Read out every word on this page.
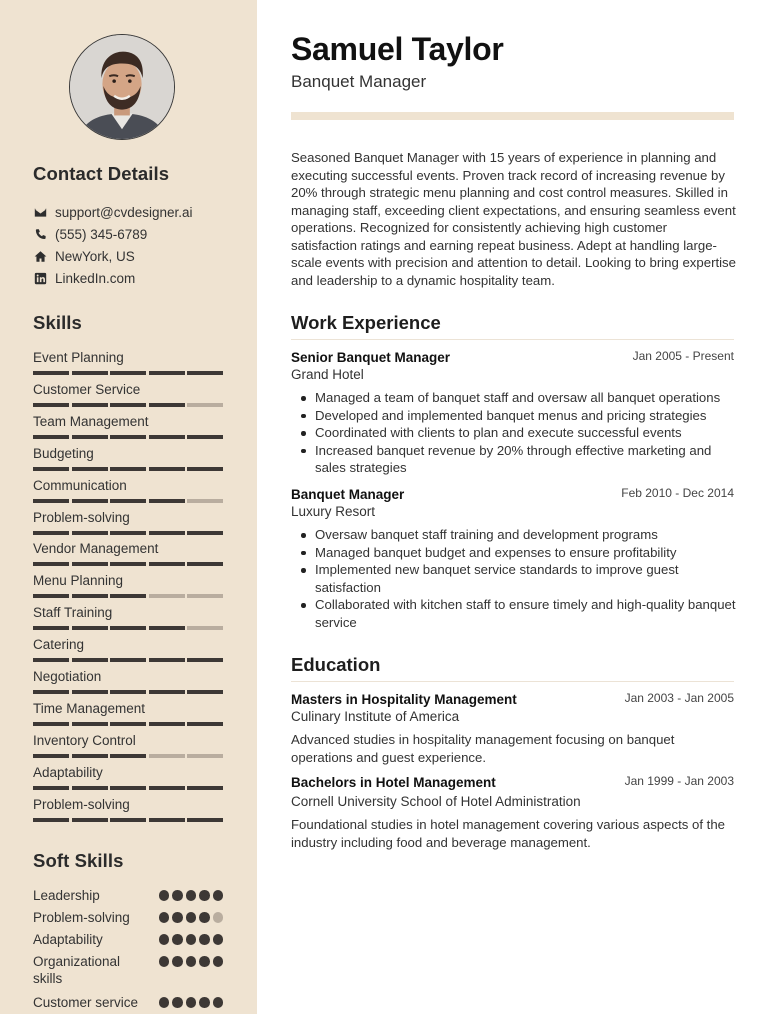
Contact Details
support@cvdesigner.ai
(555) 345-6789
NewYork, US
LinkedIn.com
Skills
Event Planning
Customer Service
Team Management
Budgeting
Communication
Problem-solving
Vendor Management
Menu Planning
Staff Training
Catering
Negotiation
Time Management
Inventory Control
Adaptability
Problem-solving
Soft Skills
Leadership
Problem-solving
Adaptability
Organizational skills
Customer service
Samuel Taylor
Banquet Manager
Seasoned Banquet Manager with 15 years of experience in planning and executing successful events. Proven track record of increasing revenue by 20% through strategic menu planning and cost control measures. Skilled in managing staff, exceeding client expectations, and ensuring seamless event operations. Recognized for consistently achieving high customer satisfaction ratings and earning repeat business. Adept at handling large-scale events with precision and attention to detail. Looking to bring expertise and leadership to a dynamic hospitality team.
Work Experience
Senior Banquet Manager	Jan 2005 - Present
Grand Hotel
Managed a team of banquet staff and oversaw all banquet operations
Developed and implemented banquet menus and pricing strategies
Coordinated with clients to plan and execute successful events
Increased banquet revenue by 20% through effective marketing and sales strategies
Banquet Manager	Feb 2010 - Dec 2014
Luxury Resort
Oversaw banquet staff training and development programs
Managed banquet budget and expenses to ensure profitability
Implemented new banquet service standards to improve guest satisfaction
Collaborated with kitchen staff to ensure timely and high-quality banquet service
Education
Masters in Hospitality Management	Jan 2003 - Jan 2005
Culinary Institute of America
Advanced studies in hospitality management focusing on banquet operations and guest experience.
Bachelors in Hotel Management	Jan 1999 - Jan 2003
Cornell University School of Hotel Administration
Foundational studies in hotel management covering various aspects of the industry including food and beverage management.
